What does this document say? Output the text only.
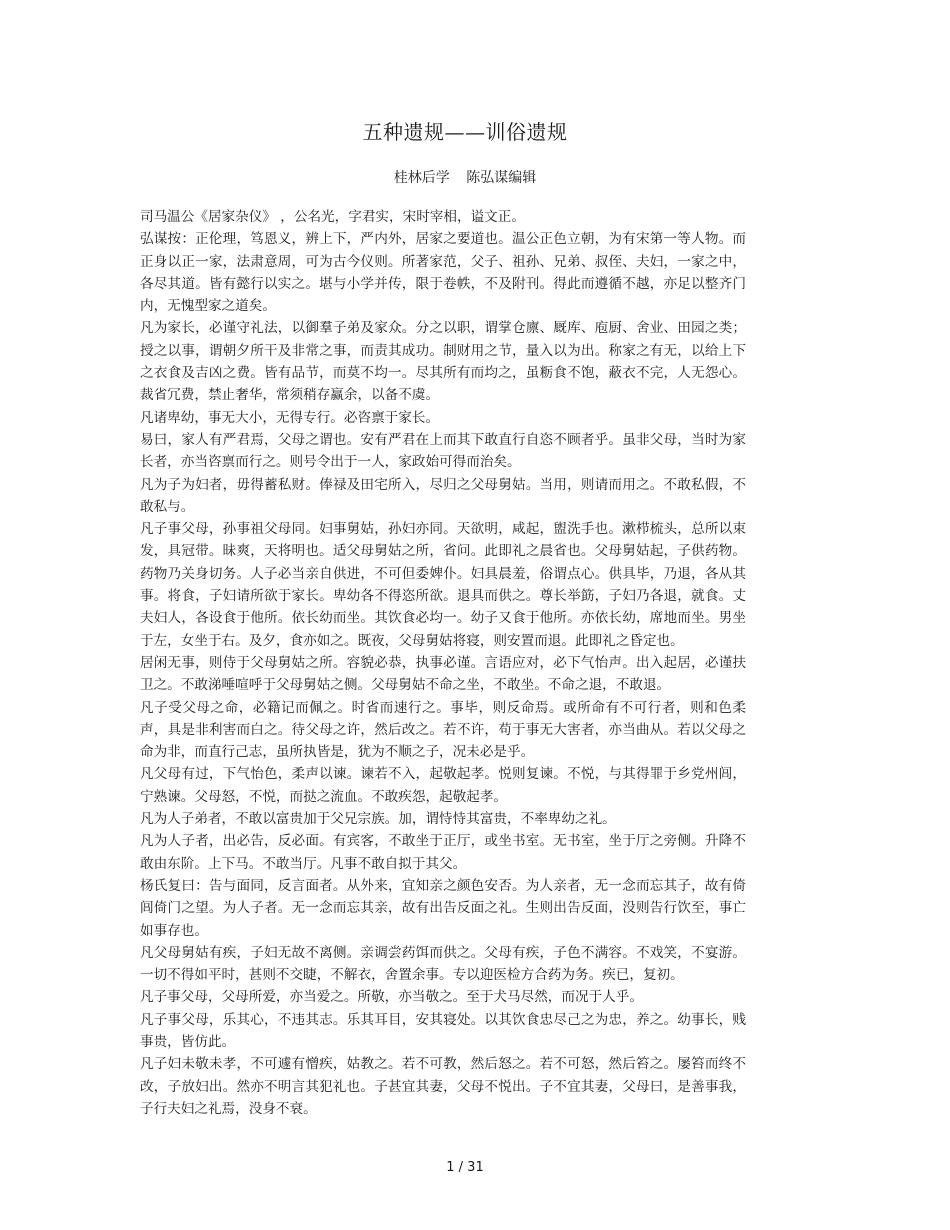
五种遗规——训俗遗规
桂林后学 陈弘谋编辑

司马温公《居家杂仪》 ，公名光，字君实，宋时宰相，谥文正。

弘谋按：正伦理，笃恩义，辨上下，严内外，居家之要道也。温公正色立朝，为有宋第一等人物。而正身以正一家，法肃意周，可为古今仪则。所著家范，父子、祖孙、兄弟、叔侄、夫妇，一家之中，各尽其道。皆有懿行以实之。堪与小学并传，限于卷帙，不及附刊。得此而遵循不越，亦足以整齐门内，无愧型家之道矣。

凡为家长，必谨守礼法，以御羣子弟及家众。分之以职，谓掌仓廪、厩库、庖厨、舍业、田园之类；授之以事，谓朝夕所干及非常之事，而责其成功。制财用之节，量入以为出。称家之有无，以给上下之衣食及吉凶之费。皆有品节，而莫不均一。尽其所有而均之，虽粝食不饱，蔽衣不完，人无怨心。裁省冗费，禁止奢华，常须稍存赢余，以备不虞。

凡诸卑幼，事无大小，无得专行。必咨禀于家长。

易曰，家人有严君焉，父母之谓也。安有严君在上而其下敢直行自恣不顾者乎。虽非父母，当时为家长者，亦当咨禀而行之。则号令出于一人，家政始可得而治矣。

凡为子为妇者，毋得蓄私财。俸禄及田宅所入，尽归之父母舅姑。当用，则请而用之。不敢私假，不敢私与。

凡子事父母，孙事祖父母同。妇事舅姑，孙妇亦同。天欲明，咸起，盥洗手也。漱栉梳头，总所以束发，具冠带。昧爽，天将明也。适父母舅姑之所，省问。此即礼之晨省也。父母舅姑起，子供药物。药物乃关身切务。人子必当亲自供进，不可但委婢仆。妇具晨羞，俗谓点心。供具毕，乃退，各从其事。将食，子妇请所欲于家长。卑幼各不得恣所欲。退具而供之。尊长举筯，子妇乃各退，就食。丈夫妇人，各设食于他所。依长幼而坐。其饮食必均一。幼子又食于他所。亦依长幼，席地而坐。男坐于左，女坐于右。及夕，食亦如之。既夜，父母舅姑将寝，则安置而退。此即礼之昏定也。

居闲无事，则侍于父母舅姑之所。容貌必恭，执事必谨。言语应对，必下气怡声。出入起居，必谨扶卫之。不敢涕唾喧呼于父母舅姑之侧。父母舅姑不命之坐，不敢坐。不命之退，不敢退。

凡子受父母之命，必籍记而佩之。时省而速行之。事毕，则反命焉。或所命有不可行者，则和色柔声，具是非利害而白之。待父母之许，然后改之。若不许，苟于事无大害者，亦当曲从。若以父母之命为非，而直行己志，虽所执皆是，犹为不顺之子，况未必是乎。

凡父母有过，下气怡色，柔声以谏。谏若不入，起敬起孝。悦则复谏。不悦，与其得罪于乡党州闾，宁熟谏。父母怒，不悦，而挞之流血。不敢疾怨，起敬起孝。

凡为人子弟者，不敢以富贵加于父兄宗族。加，谓恃恃其富贵，不率卑幼之礼。

凡为人子者，出必告，反必面。有宾客，不敢坐于正厅，或坐书室。无书室，坐于厅之旁侧。升降不敢由东阶。上下马。不敢当厅。凡事不敢自拟于其父。

杨氏复曰：告与面同，反言面者。从外来，宜知亲之颜色安否。为人亲者，无一念而忘其子，故有倚闾倚门之望。为人子者。无一念而忘其亲，故有出告反面之礼。生则出告反面，没则告行饮至，事亡如事存也。

凡父母舅姑有疾，子妇无故不离侧。亲调尝药饵而供之。父母有疾，子色不满容。不戏笑，不宴游。一切不得如平时，甚则不交睫，不解衣，舍置余事。专以迎医检方合药为务。疾已，复初。

凡子事父母，父母所爱，亦当爱之。所敬，亦当敬之。至于犬马尽然，而况于人乎。

凡子事父母，乐其心，不违其志。乐其耳目，安其寝处。以其饮食忠尽己之为忠，养之。幼事长，贱事贵，皆仿此。

凡子妇未敬未孝，不可遽有憎疾，姑教之。若不可教，然后怒之。若不可怒，然后笞之。屡笞而终不改，子放妇出。然亦不明言其犯礼也。子甚宜其妻，父母不悦出。子不宜其妻，父母曰，是善事我，子行夫妇之礼焉，没身不衰。

1 / 31
